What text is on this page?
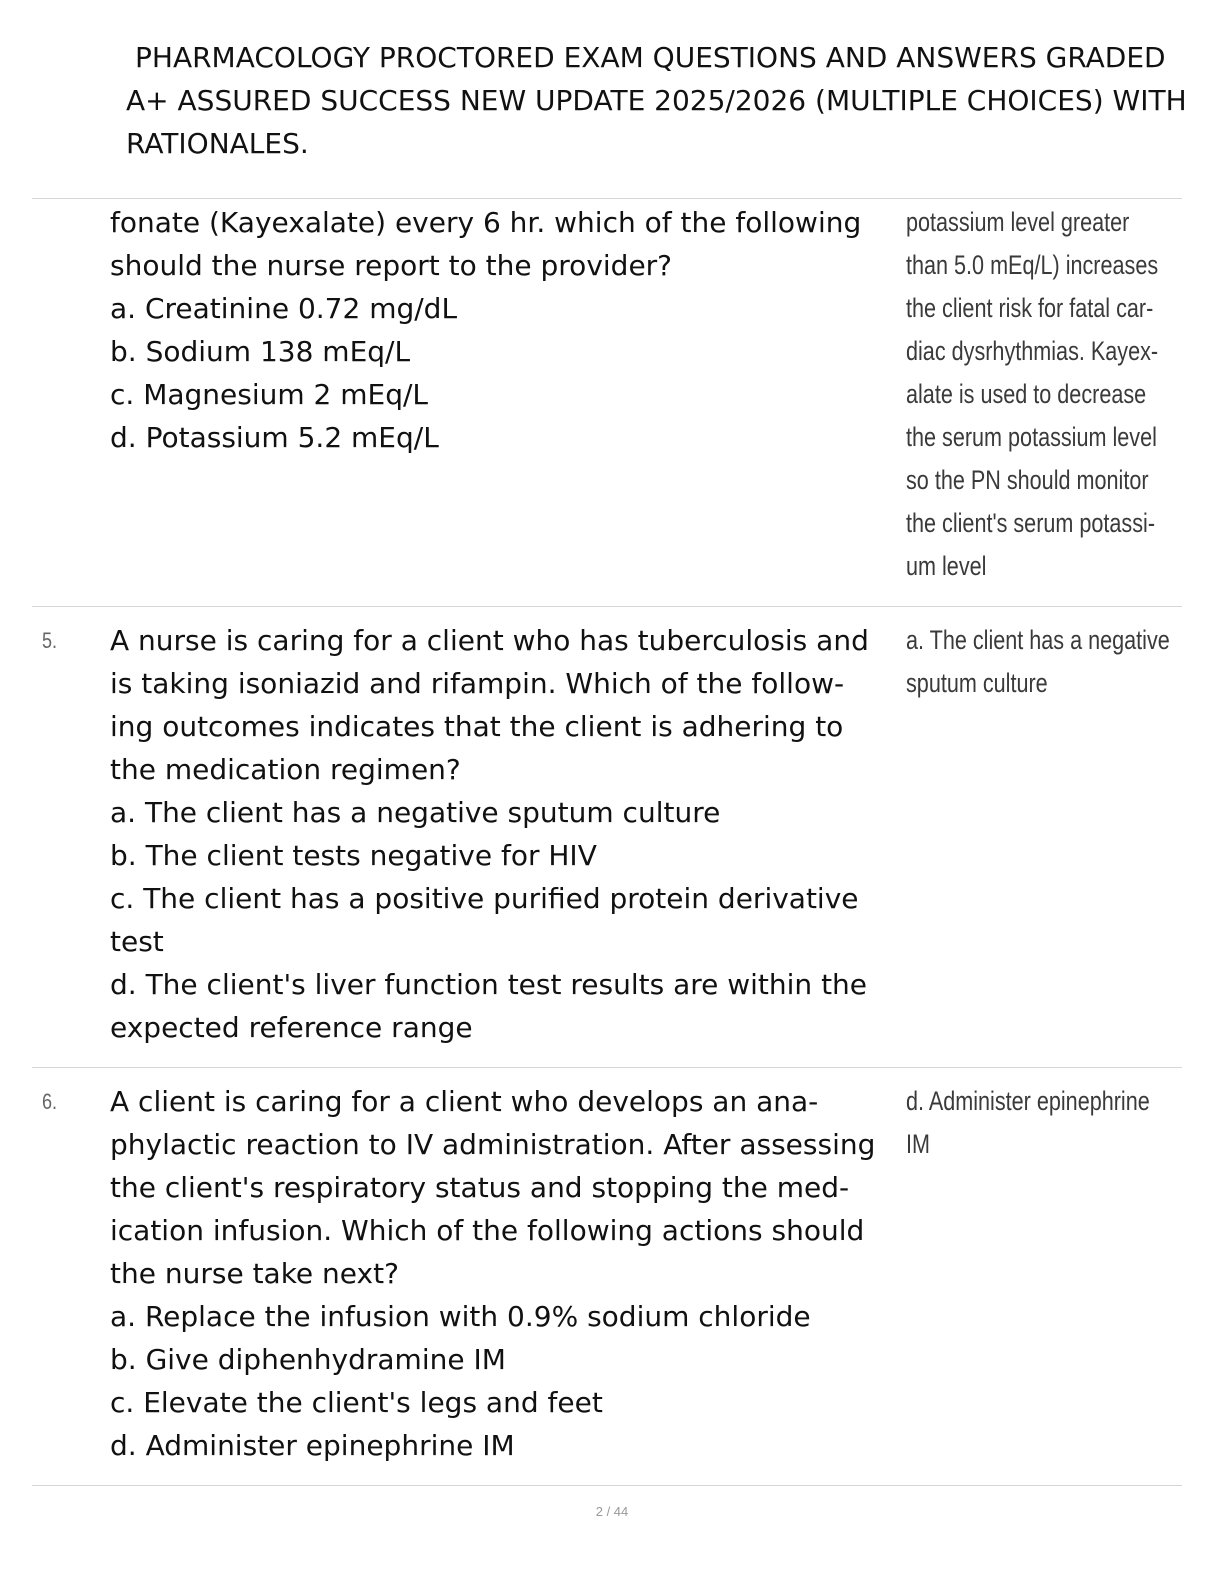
PHARMACOLOGY PROCTORED EXAM QUESTIONS AND ANSWERS GRADED
A+ ASSURED SUCCESS NEW UPDATE 2025/2026 (MULTIPLE CHOICES) WITH
RATIONALES.
fonate (Kayexalate) every 6 hr. which of the following
should the nurse report to the provider?
a. Creatinine 0.72 mg/dL
b. Sodium 138 mEq/L
c. Magnesium 2 mEq/L
d. Potassium 5.2 mEq/L
potassium level greater
than 5.0 mEq/L) increases
the client risk for fatal car-
diac dysrhythmias. Kayex-
alate is used to decrease
the serum potassium level
so the PN should monitor
the client's serum potassi-
um level
5. A nurse is caring for a client who has tuberculosis and
is taking isoniazid and rifampin. Which of the follow-
ing outcomes indicates that the client is adhering to
the medication regimen?
a. The client has a negative sputum culture
b. The client tests negative for HIV
c. The client has a positive purified protein derivative
test
d. The client's liver function test results are within the
expected reference range
a. The client has a negative
sputum culture
6. A client is caring for a client who develops an ana-
phylactic reaction to IV administration. After assessing
the client's respiratory status and stopping the med-
ication infusion. Which of the following actions should
the nurse take next?
a. Replace the infusion with 0.9% sodium chloride
b. Give diphenhydramine IM
c. Elevate the client's legs and feet
d. Administer epinephrine IM
d. Administer epinephrine
IM
2 / 44
